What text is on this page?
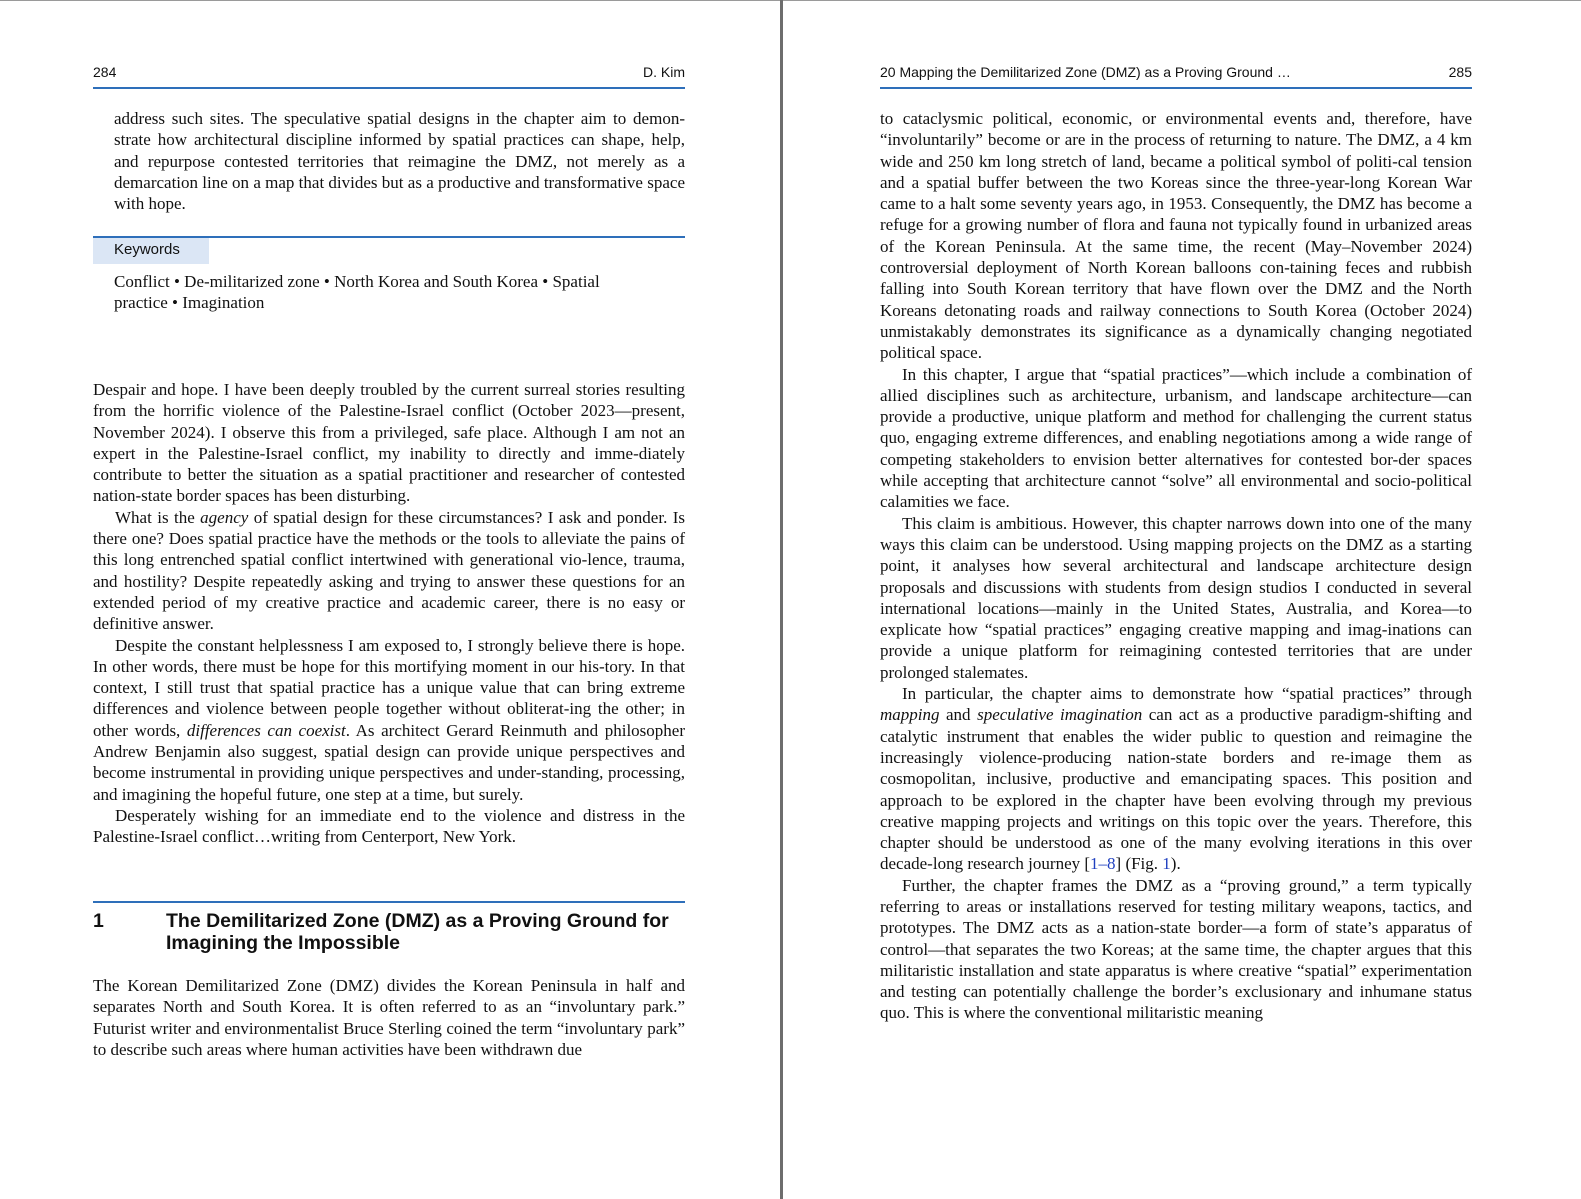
284	D. Kim
address such sites. The speculative spatial designs in the chapter aim to demon-strate how architectural discipline informed by spatial practices can shape, help, and repurpose contested territories that reimagine the DMZ, not merely as a demarcation line on a map that divides but as a productive and transformative space with hope.
Keywords
Conflict • De-militarized zone • North Korea and South Korea • Spatial practice • Imagination

Despair and hope. I have been deeply troubled by the current surreal stories resulting from the horrific violence of the Palestine-Israel conflict (October 2023—present, November 2024). I observe this from a privileged, safe place. Although I am not an expert in the Palestine-Israel conflict, my inability to directly and imme-diately contribute to better the situation as a spatial practitioner and researcher of contested nation-state border spaces has been disturbing.

What is the agency of spatial design for these circumstances? I ask and ponder. Is there one? Does spatial practice have the methods or the tools to alleviate the pains of this long entrenched spatial conflict intertwined with generational vio-lence, trauma, and hostility? Despite repeatedly asking and trying to answer these questions for an extended period of my creative practice and academic career, there is no easy or definitive answer.

Despite the constant helplessness I am exposed to, I strongly believe there is hope. In other words, there must be hope for this mortifying moment in our his-tory. In that context, I still trust that spatial practice has a unique value that can bring extreme differences and violence between people together without obliterat-ing the other; in other words, differences can coexist. As architect Gerard Reinmuth and philosopher Andrew Benjamin also suggest, spatial design can provide unique perspectives and become instrumental in providing unique perspectives and under-standing, processing, and imagining the hopeful future, one step at a time, but surely.

Desperately wishing for an immediate end to the violence and distress in the Palestine-Israel conflict…writing from Centerport, New York.

1	The Demilitarized Zone (DMZ) as a Proving Ground for Imagining the Impossible

The Korean Demilitarized Zone (DMZ) divides the Korean Peninsula in half and separates North and South Korea. It is often referred to as an “involuntary park.” Futurist writer and environmentalist Bruce Sterling coined the term “involuntary park” to describe such areas where human activities have been withdrawn due

20 Mapping the Demilitarized Zone (DMZ) as a Proving Ground …	285

to cataclysmic political, economic, or environmental events and, therefore, have “involuntarily” become or are in the process of returning to nature. The DMZ, a 4 km wide and 250 km long stretch of land, became a political symbol of politi-cal tension and a spatial buffer between the two Koreas since the three-year-long Korean War came to a halt some seventy years ago, in 1953. Consequently, the DMZ has become a refuge for a growing number of flora and fauna not typically found in urbanized areas of the Korean Peninsula. At the same time, the recent (May–November 2024) controversial deployment of North Korean balloons con-taining feces and rubbish falling into South Korean territory that have flown over the DMZ and the North Koreans detonating roads and railway connections to South Korea (October 2024) unmistakably demonstrates its significance as a dynamically changing negotiated political space.

In this chapter, I argue that “spatial practices”—which include a combination of allied disciplines such as architecture, urbanism, and landscape architecture—can provide a productive, unique platform and method for challenging the current status quo, engaging extreme differences, and enabling negotiations among a wide range of competing stakeholders to envision better alternatives for contested bor-der spaces while accepting that architecture cannot “solve” all environmental and socio-political calamities we face.

This claim is ambitious. However, this chapter narrows down into one of the many ways this claim can be understood. Using mapping projects on the DMZ as a starting point, it analyses how several architectural and landscape architecture design proposals and discussions with students from design studios I conducted in several international locations—mainly in the United States, Australia, and Korea—to explicate how “spatial practices” engaging creative mapping and imag-inations can provide a unique platform for reimagining contested territories that are under prolonged stalemates.

In particular, the chapter aims to demonstrate how “spatial practices” through mapping and speculative imagination can act as a productive paradigm-shifting and catalytic instrument that enables the wider public to question and reimagine the increasingly violence-producing nation-state borders and re-image them as cosmopolitan, inclusive, productive and emancipating spaces. This position and approach to be explored in the chapter have been evolving through my previous creative mapping projects and writings on this topic over the years. Therefore, this chapter should be understood as one of the many evolving iterations in this over decade-long research journey [1–8] (Fig. 1).

Further, the chapter frames the DMZ as a “proving ground,” a term typically referring to areas or installations reserved for testing military weapons, tactics, and prototypes. The DMZ acts as a nation-state border—a form of state’s apparatus of control—that separates the two Koreas; at the same time, the chapter argues that this militaristic installation and state apparatus is where creative “spatial” experimentation and testing can potentially challenge the border’s exclusionary and inhumane status quo. This is where the conventional militaristic meaning
